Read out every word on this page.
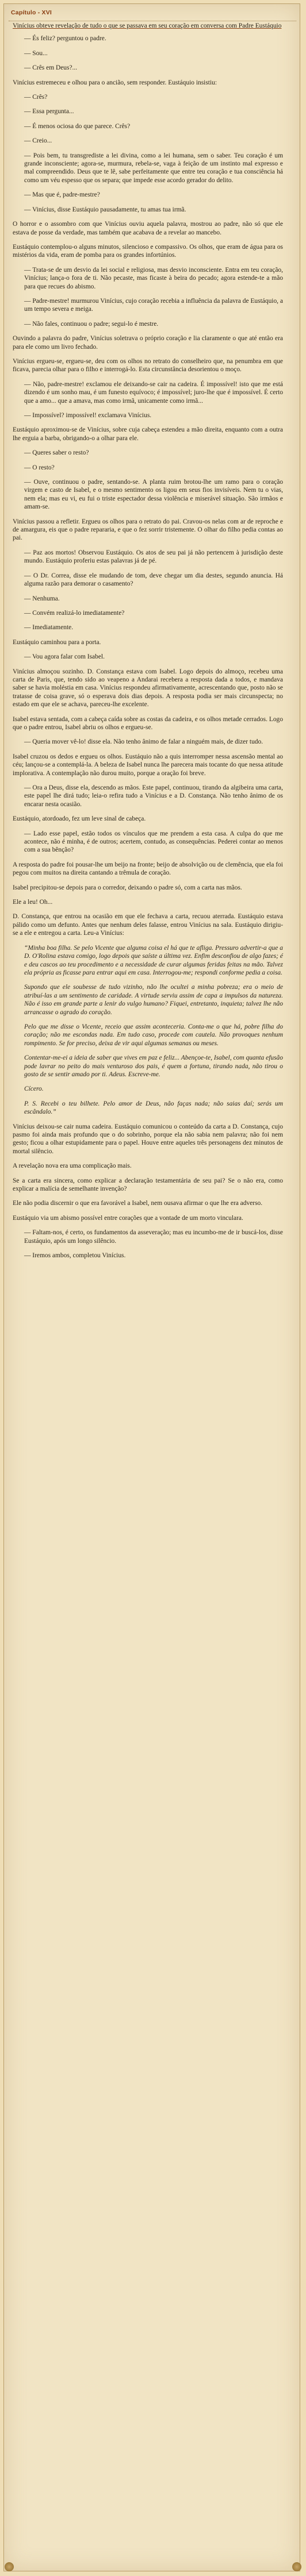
Capítulo - XVI

Vinícius obteve revelação de tudo o que se passava em seu coração em conversa com Padre Eustáquio

— És feliz? perguntou o padre.

— Sou...

— Crês em Deus?...

Vinícius estremeceu e olhou para o ancião, sem responder. Eustáquio insistiu:

— Crês?

— Essa pergunta...

— É menos ociosa do que parece. Crês?

— Creio...

— Pois bem, tu transgrediste a lei divina, como a lei humana, sem o saber. Teu coração é um grande inconsciente; agora-se, murmura, rebela-se, vaga à feição de um instinto mal expresso e mal compreendido. Deus que te lê, sabe perfeitamente que entre teu coração e tua consciência há como um véu espesso que os separa; que impede esse acordo gerador do delito.

— Mas que é, padre-mestre?

— Vinícius, disse Eustáquio pausadamente, tu amas tua irmã.

O horror e o assombro com que Vinícius ouviu aquela palavra, mostrou ao padre, não só que ele estava de posse da verdade, mas também que acabava de a revelar ao mancebo.

Eustáquio contemplou-o alguns minutos, silencioso e compassivo. Os olhos, que eram de água para os mistérios da vida, eram de pomba para os grandes infortúnios.

— Trata-se de um desvio da lei social e religiosa, mas desvio inconsciente. Entra em teu coração, Vinícius; lança-o fora de ti. Não pecaste, mas ficaste à beira do pecado; agora estende-te a mão para que recues do abismo.

— Padre-mestre! murmurou Vinícius, cujo coração recebia a influência da palavra de Eustáquio, a um tempo severa e meiga.

— Não fales, continuou o padre; segui-lo é mestre.

Ouvindo a palavra do padre, Vinícius soletrava o próprio coração e lia claramente o que até então era para ele como um livro fechado.

Vinícius ergueu-se, ergueu-se, deu com os olhos no retrato do conselheiro que, na penumbra em que ficava, parecia olhar para o filho e interrogá-lo. Esta circunstância desorientou o moço.

— Não, padre-mestre! exclamou ele deixando-se cair na cadeira. É impossível! isto que me está dizendo é um sonho mau, é um funesto equívoco; é impossível; juro-lhe que é impossível. É certo que a amo... que a amava, mas como irmã, unicamente como irmã...

— Impossível? impossível! exclamava Vinícius.

Eustáquio aproximou-se de Vinícius, sobre cuja cabeça estendeu a mão direita, enquanto com a outra lhe erguia a barba, obrigando-o a olhar para ele.

— Queres saber o resto?

— O resto?

— Ouve, continuou o padre, sentando-se. A planta ruim brotou-lhe um ramo para o coração virgem e casto de Isabel, e o mesmo sentimento os ligou em seus fios invisíveis. Nem tu o vias, nem ela; mas eu vi, eu fui o triste espectador dessa violência e miserável situação. São irmãos e amam-se.

Vinícius passou a refletir. Ergueu os olhos para o retrato do pai. Cravou-os nelas com ar de reproche e de amargura, eis que o padre repararia, e que o fez sorrir tristemente. O olhar do filho pedia contas ao pai.

— Paz aos mortos! Observou Eustáquio. Os atos de seu pai já não pertencem à jurisdição deste mundo. Eustáquio proferiu estas palavras já de pé.

— O Dr. Correa, disse ele mudando de tom, deve chegar um dia destes, segundo anuncia. Há alguma razão para demorar o casamento?

— Nenhuma.

— Convém realizá-lo imediatamente?

— Imediatamente.

Eustáquio caminhou para a porta.

— Vou agora falar com Isabel.

Vinícius almoçou sozinho. D. Constança estava com Isabel. Logo depois do almoço, recebeu uma carta de Paris, que, tendo sido ao veapeno a Andarai recebera a resposta dada a todos, e mandava saber se havia moléstia em casa. Vinícius respondeu afirmativamente, acrescentando que, posto não se tratasse de coisa grave, só o esperava dois dias depois. A resposta podia ser mais circunspecta; no estado em que ele se achava, pareceu-lhe excelente.

Isabel estava sentada, com a cabeça caída sobre as costas da cadeira, e os olhos metade cerrados. Logo que o padre entrou, Isabel abriu os olhos e ergueu-se.

— Queria mover vê-lo! disse ela. Não tenho ânimo de falar a ninguém mais, de dizer tudo.

Isabel cruzou os dedos e ergueu os olhos. Eustáquio não a quis interromper nessa ascensão mental ao céu; lançou-se a contemplá-la. A beleza de Isabel nunca lhe parecera mais tocante do que nessa atitude implorativa. A contemplação não durou muito, porque a oração foi breve.

— Ora a Deus, disse ela, descendo as mãos. Este papel, continuou, tirando da algibeira uma carta, este papel lhe dirá tudo; leia-o refira tudo a Vinícius e a D. Constança. Não tenho ânimo de os encarar nesta ocasião.

Eustáquio, atordoado, fez um leve sinal de cabeça.

— Lado esse papel, estão todos os vínculos que me prendem a esta casa. A culpa do que me acontece, não é minha, é de outros; acertem, contudo, as consequências. Pederei contar ao menos com a sua bênção?

A resposta do padre foi pousar-lhe um beijo na fronte; beijo de absolvição ou de clemência, que ela foi pegou com muitos na direita cantando a trêmula de coração.

Isabel precipitou-se depois para o corredor, deixando o padre só, com a carta nas mãos.

Ele a leu! Oh...

D. Constança, que entrou na ocasião em que ele fechava a carta, recuou aterrada. Eustáquio estava pálido como um defunto. Antes que nenhum deles falasse, entrou Vinícius na sala. Eustáquio dirigiu-se a ele e entregou a carta. Leu-a Vinícius:

“Minha boa filha. Se pelo Vicente que alguma coisa el há que te afliga. Pressuro advertir-a que a D. O'Rolina estava comigo, logo depois que saíste a última vez. Enfim desconfiou de algo fazes; é e deu cascos ao teu procedimento e a necessidade de curar algumas feridas feitas na mão. Talvez ela própria as ficasse para entrar aqui em casa. Interrogou-me; respondi conforme pedia a coisa.

Supondo que ele soubesse de tudo vizinho, não lhe ocultei a minha pobreza; era o meio de atribuí-las a um sentimento de caridade. A virtude serviu assim de capa a impulsos da natureza. Não é isso em grande parte a lenir do vulgo humano? Fiquei, entretanto, inquieta; talvez lhe não arrancasse o agrado do coração.

Pelo que me disse o Vicente, receio que assim aconteceria. Conta-me o que há, pobre filha do coração; não me escondas nada. Em tudo caso, procede com cautela. Não provoques nenhum rompimento. Se for preciso, deixa de vir aqui algumas semanas ou meses.

Contentar-me-ei a ideia de saber que vives em paz e feliz... Abençoe-te, Isabel, com quanta efusão pode lavrar no peito do mais venturoso dos pais, é quem a fortuna, tirando nada, não tirou o gosto de se sentir amado por ti. Adeus. Escreve-me.

Cícero.

P. S. Recebi o teu bilhete. Pelo amor de Deus, não faças nada; não saias daí; serás um escândalo.”

Vinícius deixou-se cair numa cadeira. Eustáquio comunicou o conteúdo da carta a D. Constança, cujo pasmo foi ainda mais profundo que o do sobrinho, porque ela não sabia nem palavra; não foi nem gesto; ficou a olhar estupidamente para o papel. Houve entre aqueles três personagens dez minutos de mortal silêncio.

A revelação nova era uma complicação mais.

Se a carta era sincera, como explicar a declaração testamentária de seu pai? Se o não era, como explicar a malícia de semelhante invenção?

Ele não podia discernir o que era favorável a Isabel, nem ousava afirmar o que lhe era adverso.

Eustáquio via um abismo possível entre corações que a vontade de um morto vinculara.

— Faltam-nos, é certo, os fundamentos da asseveração; mas eu incumbo-me de ir buscá-los, disse Eustáquio, após um longo silêncio.

— Iremos ambos, completou Vinícius.
